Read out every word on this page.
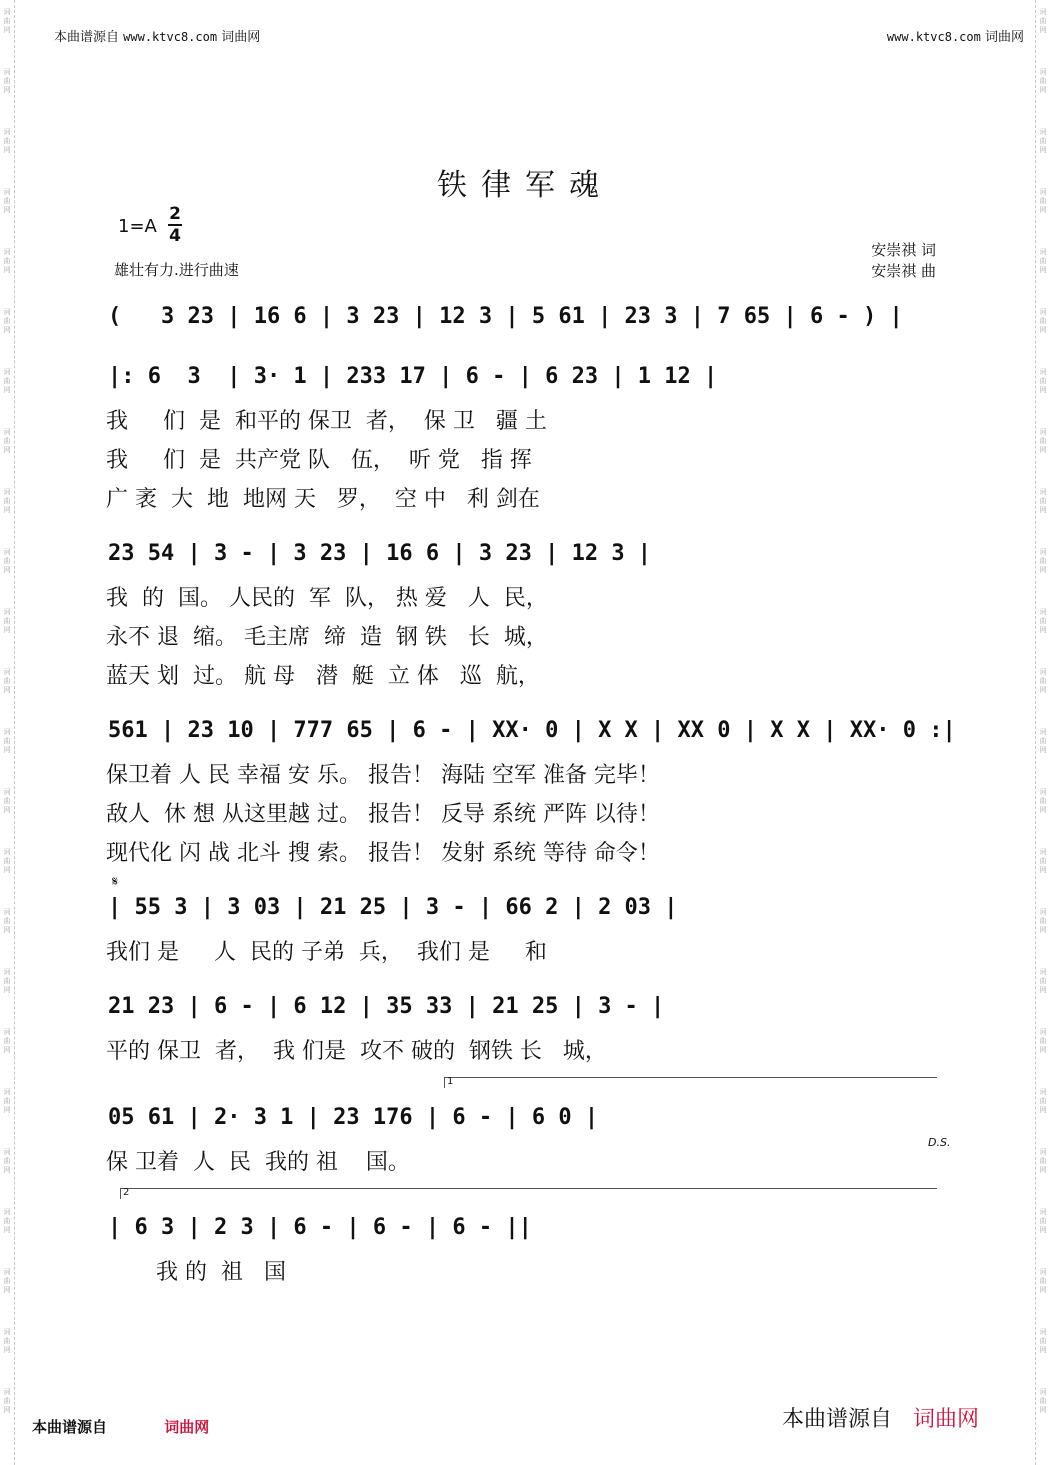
词
曲
网
词
曲
网
词
曲
网
词
曲
网
词
曲
网
词
曲
网
词
曲
网
词
曲
网
词
曲
网
词
曲
网
词
曲
网
词
曲
网
词
曲
网
词
曲
网
词
曲
网
词
曲
网
词
曲
网
词
曲
网
词
曲
网
词
曲
网
词
曲
网
词
曲
网
词
曲
网
词
曲
网
词
曲
网
词
曲
网
词
曲
网
词
曲
网
词
曲
网
词
曲
网
词
曲
网
词
曲
网
词
曲
网
词
曲
网
词
曲
网
词
曲
网
词
曲
网
词
曲
网
词
曲
网
词
曲
网
词
曲
网
词
曲
网
词
曲
网
词
曲
网
词
曲
网
词
曲
网
词
曲
网
词
曲
网
本曲谱源自 www.ktvc8.com 词曲网	www.ktvc8.com 词曲网
铁律军魂
1=A
2
4
雄壮有力.进行曲速
安崇祺 词
安崇祺 曲
(   3 23 | 16 6 | 3 23 | 12 3 | 5 61 | 23 3 | 7 65 | 6 - ) |
|: 6  3  | 3· 1 | 233 17 | 6 - | 6 23 | 1 12 |
我     们  是  和平的 保卫  者，  保 卫   疆 土
我     们  是  共产党 队   伍，  听 党   指 挥
广 袤  大  地  地网 天   罗，  空 中   利 剑在
23 54 | 3 - | 3 23 | 16 6 | 3 23 | 12 3 |
我  的  国。 人民的  军  队， 热 爱   人  民，
永不 退  缩。 毛主席  缔  造  钢 铁   长  城，
蓝天 划  过。 航 母   潜  艇  立 体   巡  航，
561 | 23 10 | 777 65 | 6 - | XX· 0 | X X | XX 0 | X X | XX· 0 :|
保卫着 人 民 幸福 安 乐。 报告！ 海陆 空军 准备 完毕！
敌人  休 想 从这里越 过。 报告！ 反导 系统 严阵 以待！
现代化 闪 战 北斗 搜 索。 报告！ 发射 系统 等待 命令！
𝄋
| 55 3 | 3 03 | 21 25 | 3 - | 66 2 | 2 03 |
我们 是     人  民的 子弟  兵，  我们 是     和
21 23 | 6 - | 6 12 | 35 33 | 21 25 | 3 - |
平的 保卫  者，  我 们是  攻不 破的  钢铁 长   城，
1
05 61 | 2· 3 1 | 23 176 | 6 - | 6 0 |
D.S.
保 卫着  人  民  我的 祖    国。
2
| 6 3 | 2 3 | 6 - | 6 - | 6 - ||
我 的  祖   国
本曲谱源自	词曲网	本曲谱源自 词曲网
